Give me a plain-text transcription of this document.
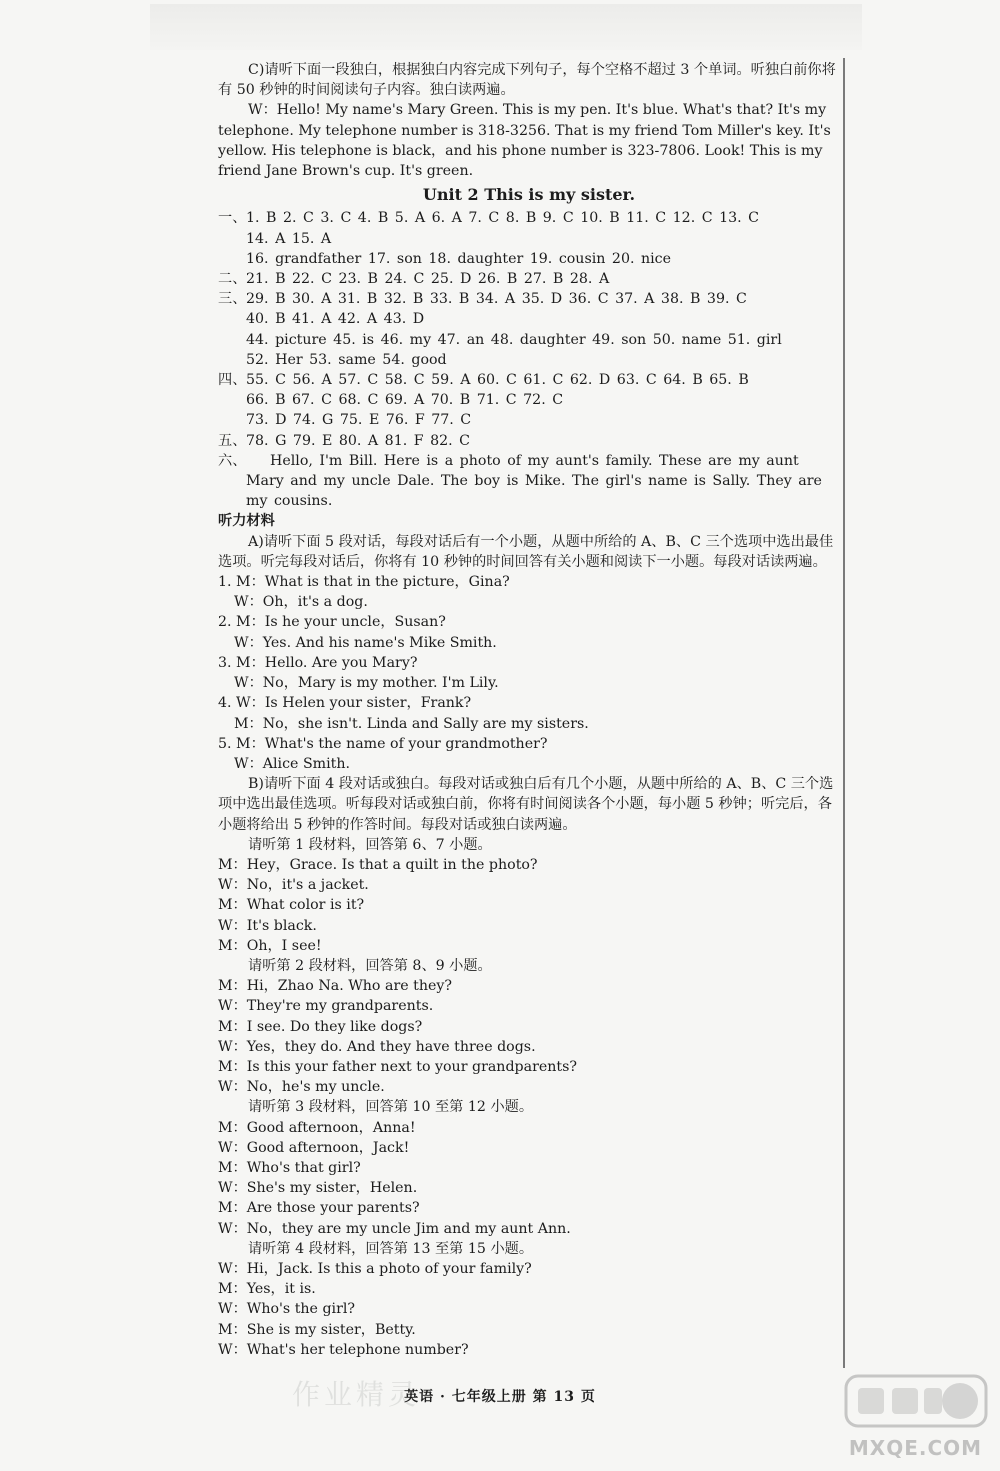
C)请听下面一段独白，根据独白内容完成下列句子，每个空格不超过 3 个单词。听独白前你将有 50 秒钟的时间阅读句子内容。独白读两遍。
W：Hello! My name's Mary Green. This is my pen. It's blue. What's that? It's my telephone. My telephone number is 318-3256. That is my friend Tom Miller's key. It's yellow. His telephone is black，and his phone number is 323-7806. Look! This is my friend Jane Brown's cup. It's green.
Unit 2 This is my sister.
一、 1. B 2. C 3. C 4. B 5. A 6. A 7. C 8. B 9. C 10. B 11. C 12. C 13. C
14. A 15. A
16. grandfather 17. son 18. daughter 19. cousin 20. nice
二、 21. B 22. C 23. B 24. C 25. D 26. B 27. B 28. A
三、 29. B 30. A 31. B 32. B 33. B 34. A 35. D 36. C 37. A 38. B 39. C
40. B 41. A 42. A 43. D
44. picture 45. is 46. my 47. an 48. daughter 49. son 50. name 51. girl
52. Her 53. same 54. good
四、 55. C 56. A 57. C 58. C 59. A 60. C 61. C 62. D 63. C 64. B 65. B
66. B 67. C 68. C 69. A 70. B 71. C 72. C
73. D 74. G 75. E 76. F 77. C
五、 78. G 79. E 80. A 81. F 82. C
六、	Hello, I'm Bill. Here is a photo of my aunt's family. These are my aunt Mary and my uncle Dale. The boy is Mike. The girl's name is Sally. They are my cousins.
听力材料
A)请听下面 5 段对话，每段对话后有一个小题，从题中所给的 A、B、C 三个选项中选出最佳选项。听完每段对话后，你将有 10 秒钟的时间回答有关小题和阅读下一小题。每段对话读两遍。
1. M：What is that in the picture，Gina?
W：Oh，it's a dog.
2. M：Is he your uncle，Susan?
W：Yes. And his name's Mike Smith.
3. M：Hello. Are you Mary?
W：No，Mary is my mother. I'm Lily.
4. W：Is Helen your sister，Frank?
M：No，she isn't. Linda and Sally are my sisters.
5. M：What's the name of your grandmother?
W：Alice Smith.
B)请听下面 4 段对话或独白。每段对话或独白后有几个小题，从题中所给的 A、B、C 三个选项中选出最佳选项。听每段对话或独白前，你将有时间阅读各个小题，每小题 5 秒钟；听完后，各小题将给出 5 秒钟的作答时间。每段对话或独白读两遍。
请听第 1 段材料，回答第 6、7 小题。
M：Hey，Grace. Is that a quilt in the photo?
W：No，it's a jacket.
M：What color is it?
W：It's black.
M：Oh，I see!
请听第 2 段材料，回答第 8、9 小题。
M：Hi，Zhao Na. Who are they?
W：They're my grandparents.
M：I see. Do they like dogs?
W：Yes，they do. And they have three dogs.
M：Is this your father next to your grandparents?
W：No，he's my uncle.
请听第 3 段材料，回答第 10 至第 12 小题。
M：Good afternoon，Anna!
W：Good afternoon，Jack!
M：Who's that girl?
W：She's my sister，Helen.
M：Are those your parents?
W：No，they are my uncle Jim and my aunt Ann.
请听第 4 段材料，回答第 13 至第 15 小题。
W：Hi，Jack. Is this a photo of your family?
M：Yes，it is.
W：Who's the girl?
M：She is my sister，Betty.
W：What's her telephone number?
作业精灵
英语 · 七年级上册 第 13 页
MXQE.COM
